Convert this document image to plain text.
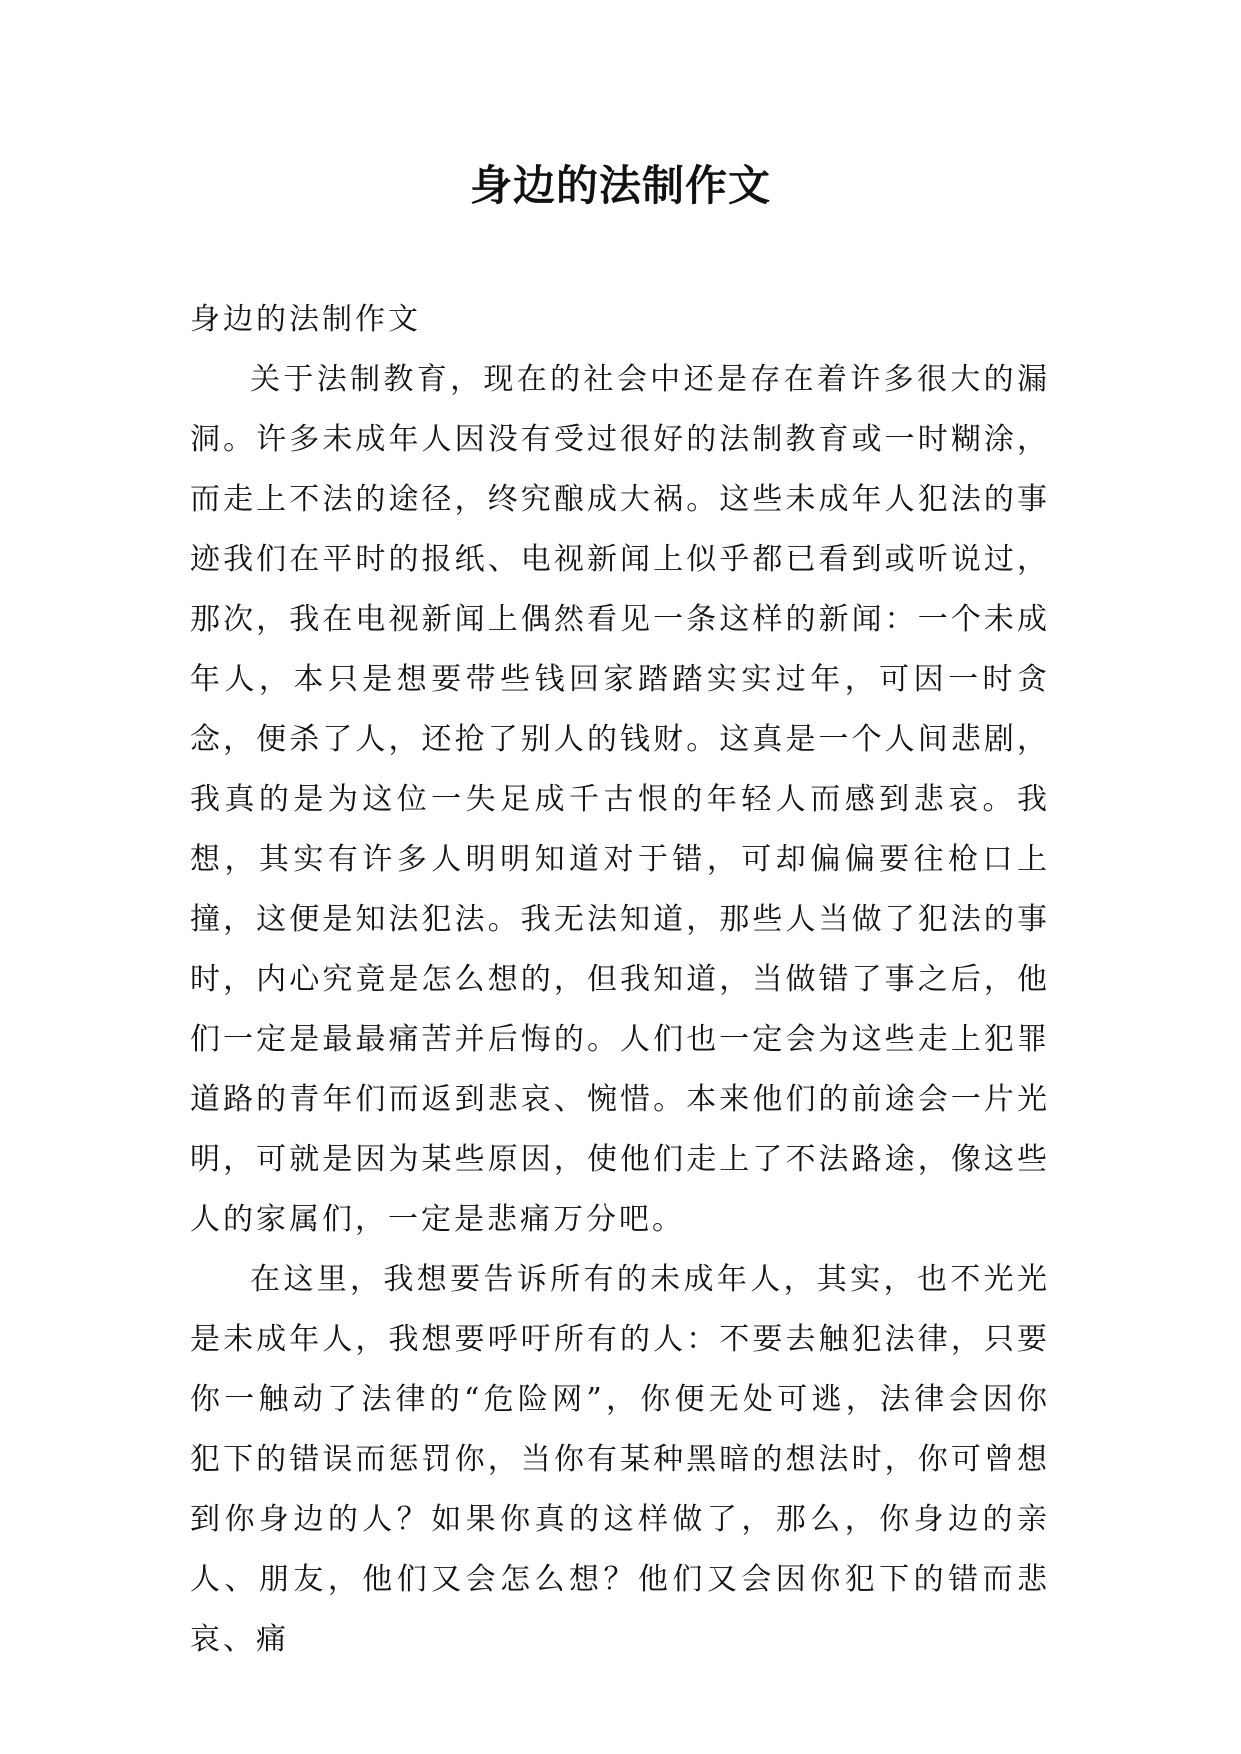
身边的法制作文

身边的法制作文

关于法制教育，现在的社会中还是存在着许多很大的漏洞。许多未成年人因没有受过很好的法制教育或一时糊涂，而走上不法的途径，终究酿成大祸。这些未成年人犯法的事迹我们在平时的报纸、电视新闻上似乎都已看到或听说过，那次，我在电视新闻上偶然看见一条这样的新闻：一个未成年人，本只是想要带些钱回家踏踏实实过年，可因一时贪念，便杀了人，还抢了别人的钱财。这真是一个人间悲剧，我真的是为这位一失足成千古恨的年轻人而感到悲哀。我想，其实有许多人明明知道对于错，可却偏偏要往枪口上撞，这便是知法犯法。我无法知道，那些人当做了犯法的事时，内心究竟是怎么想的，但我知道，当做错了事之后，他们一定是最最痛苦并后悔的。人们也一定会为这些走上犯罪道路的青年们而返到悲哀、惋惜。本来他们的前途会一片光明，可就是因为某些原因，使他们走上了不法路途，像这些人的家属们，一定是悲痛万分吧。

在这里，我想要告诉所有的未成年人，其实，也不光光是未成年人，我想要呼吁所有的人：不要去触犯法律，只要你一触动了法律的“危险网”，你便无处可逃，法律会因你犯下的错误而惩罚你，当你有某种黑暗的想法时，你可曾想到你身边的人？如果你真的这样做了，那么，你身边的亲人、朋友，他们又会怎么想？他们又会因你犯下的错而悲哀、痛
